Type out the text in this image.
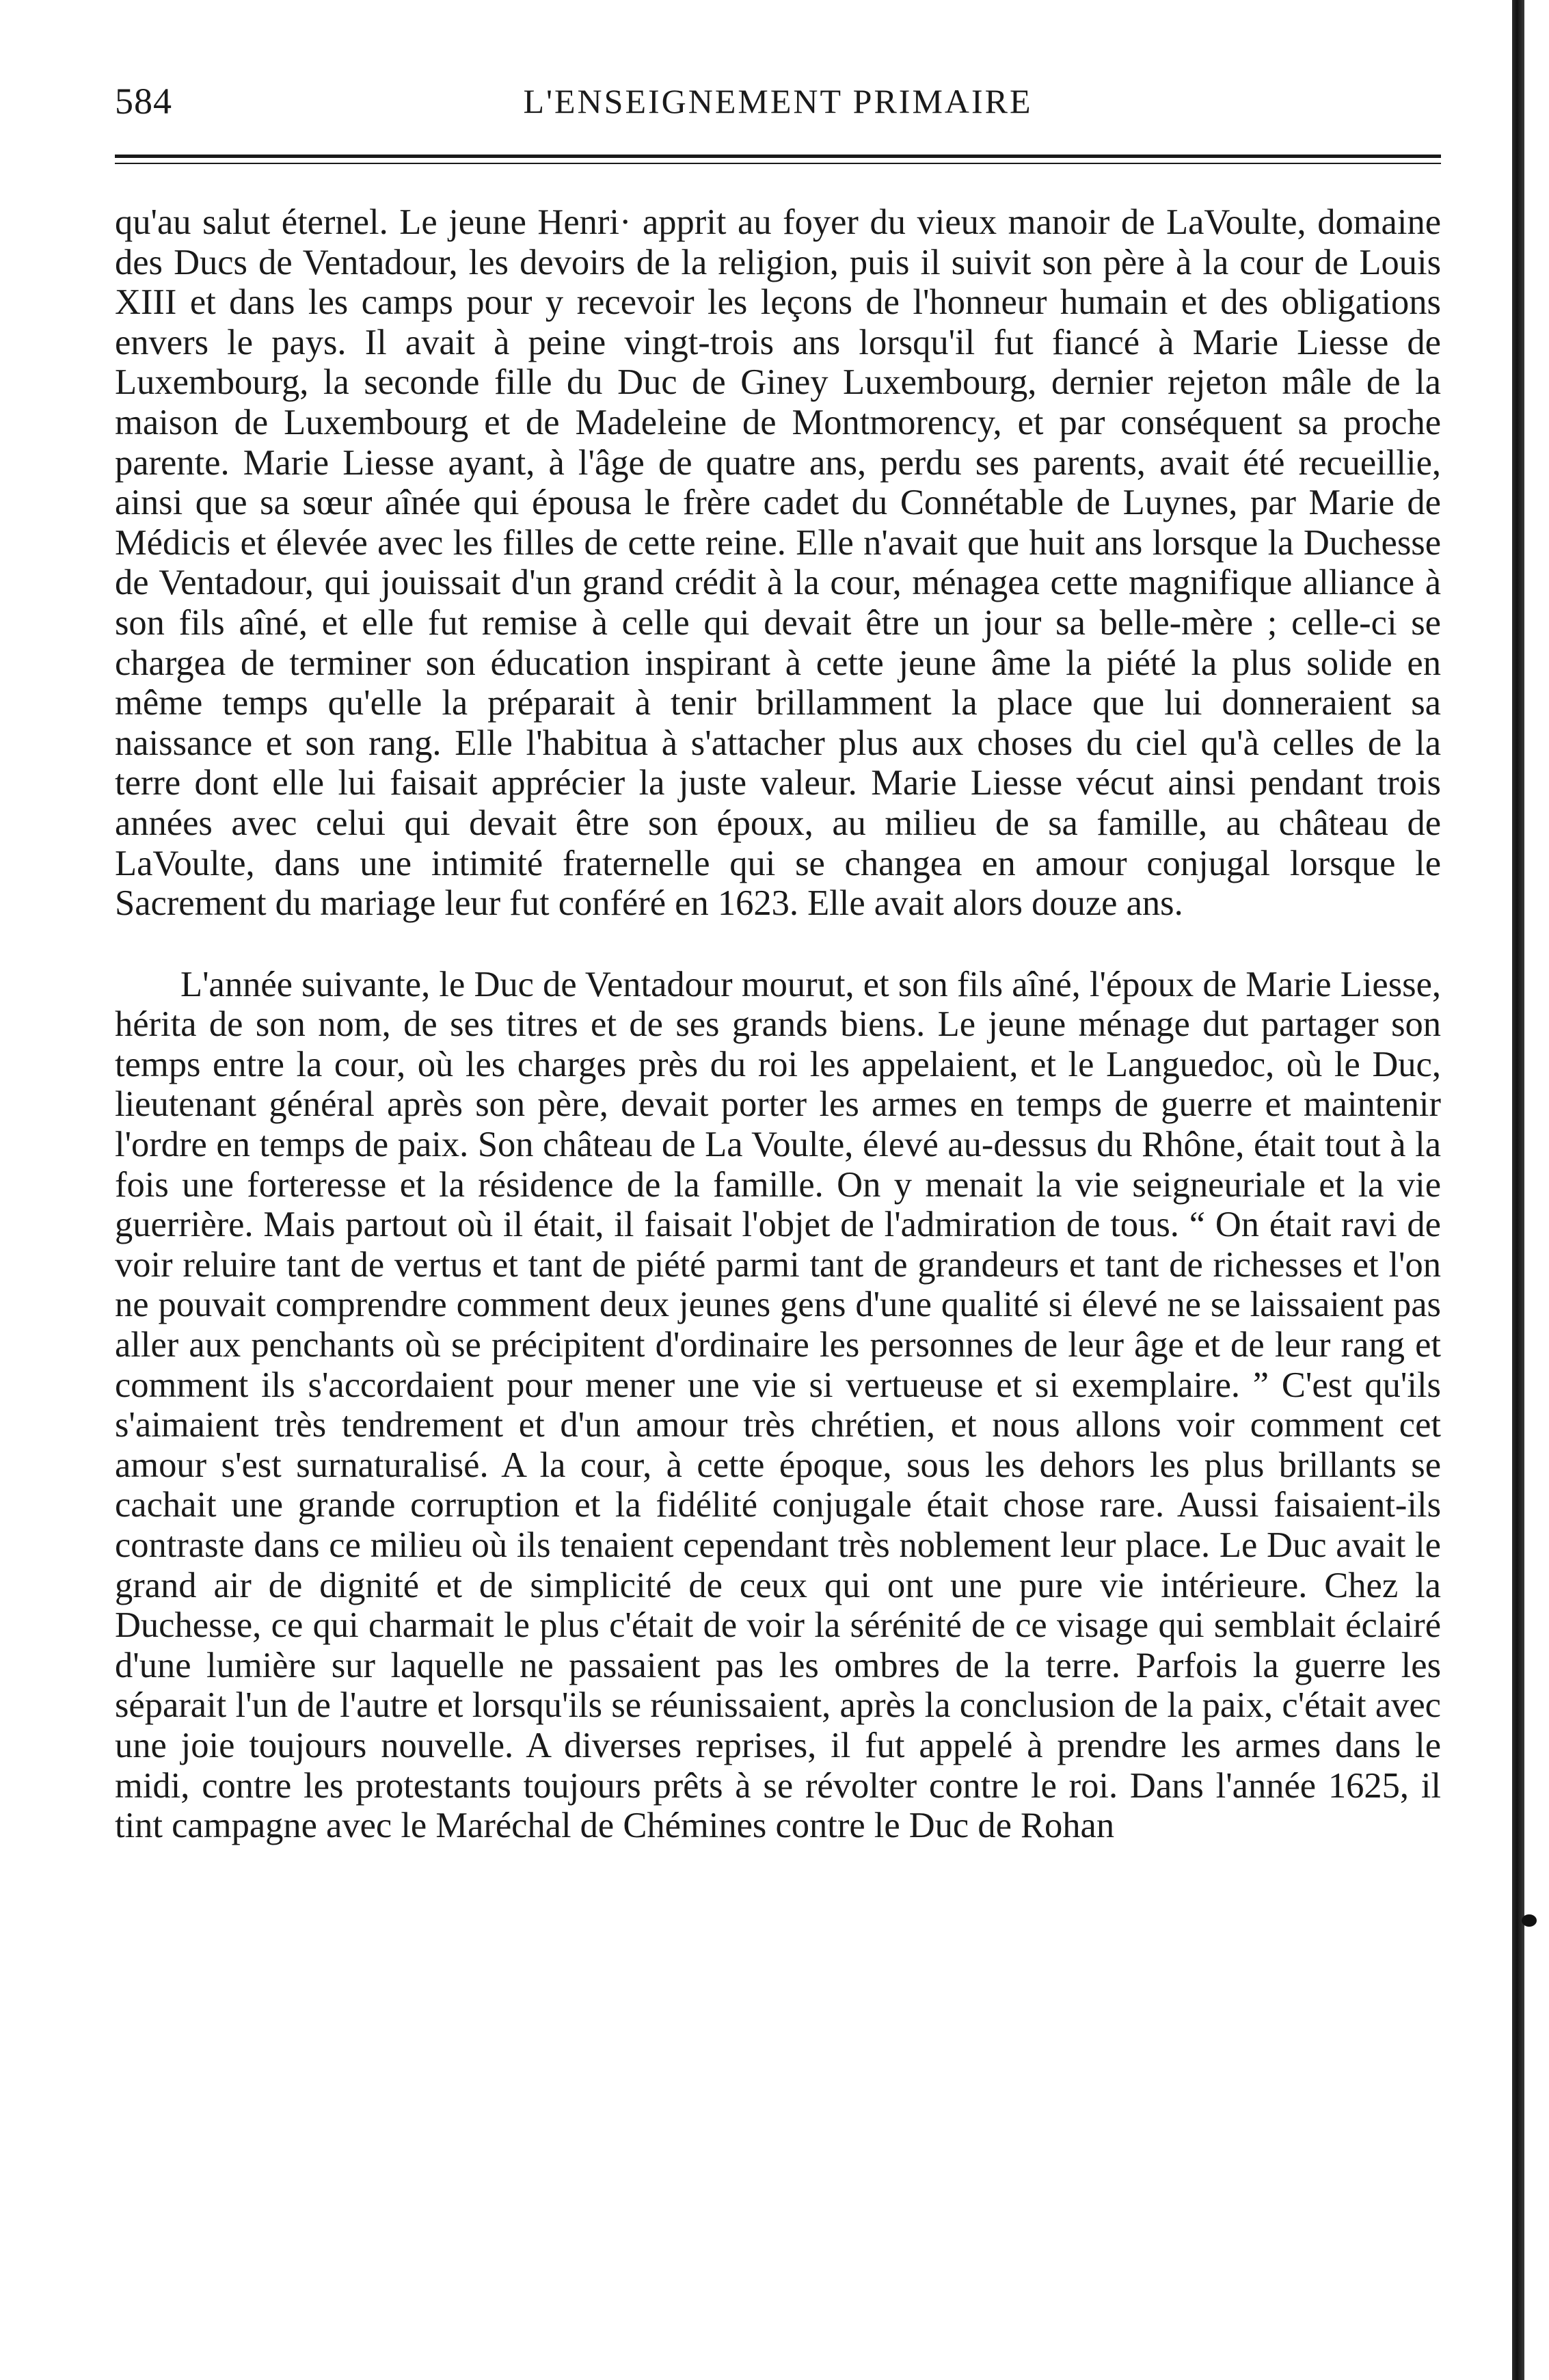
584	L'ENSEIGNEMENT PRIMAIRE

qu'au salut éternel. Le jeune Henri· apprit au foyer du vieux manoir de LaVoulte, domaine des Ducs de Ventadour, les devoirs de la religion, puis il suivit son père à la cour de Louis XIII et dans les camps pour y recevoir les leçons de l'honneur humain et des obligations envers le pays. Il avait à peine vingt-trois ans lorsqu'il fut fiancé à Marie Liesse de Luxembourg, la seconde fille du Duc de Giney Luxembourg, dernier rejeton mâle de la maison de Luxembourg et de Madeleine de Montmorency, et par conséquent sa proche parente. Marie Liesse ayant, à l'âge de quatre ans, perdu ses parents, avait été recueillie, ainsi que sa sœur aînée qui épousa le frère cadet du Connétable de Luynes, par Marie de Médicis et élevée avec les filles de cette reine. Elle n'avait que huit ans lorsque la Duchesse de Ventadour, qui jouissait d'un grand crédit à la cour, ménagea cette magnifique alliance à son fils aîné, et elle fut remise à celle qui devait être un jour sa belle-mère ; celle-ci se chargea de terminer son éducation inspirant à cette jeune âme la piété la plus solide en même temps qu'elle la préparait à tenir brillamment la place que lui donneraient sa naissance et son rang. Elle l'habitua à s'attacher plus aux choses du ciel qu'à celles de la terre dont elle lui faisait apprécier la juste valeur. Marie Liesse vécut ainsi pendant trois années avec celui qui devait être son époux, au milieu de sa famille, au château de LaVoulte, dans une intimité fraternelle qui se changea en amour conjugal lorsque le Sacrement du mariage leur fut conféré en 1623. Elle avait alors douze ans.

L'année suivante, le Duc de Ventadour mourut, et son fils aîné, l'époux de Marie Liesse, hérita de son nom, de ses titres et de ses grands biens. Le jeune ménage dut partager son temps entre la cour, où les charges près du roi les appelaient, et le Languedoc, où le Duc, lieutenant général après son père, devait porter les armes en temps de guerre et maintenir l'ordre en temps de paix. Son château de La Voulte, élevé au-dessus du Rhône, était tout à la fois une forteresse et la résidence de la famille. On y menait la vie seigneuriale et la vie guerrière. Mais partout où il était, il faisait l'objet de l'admiration de tous. “ On était ravi de voir reluire tant de vertus et tant de piété parmi tant de grandeurs et tant de richesses et l'on ne pouvait comprendre comment deux jeunes gens d'une qualité si élevé ne se laissaient pas aller aux penchants où se précipitent d'ordinaire les personnes de leur âge et de leur rang et comment ils s'accordaient pour mener une vie si vertueuse et si exemplaire. ” C'est qu'ils s'aimaient très tendrement et d'un amour très chrétien, et nous allons voir comment cet amour s'est surnaturalisé. A la cour, à cette époque, sous les dehors les plus brillants se cachait une grande corruption et la fidélité conjugale était chose rare. Aussi faisaient-ils contraste dans ce milieu où ils tenaient cependant très noblement leur place. Le Duc avait le grand air de dignité et de simplicité de ceux qui ont une pure vie intérieure. Chez la Duchesse, ce qui charmait le plus c'était de voir la sérénité de ce visage qui semblait éclairé d'une lumière sur laquelle ne passaient pas les ombres de la terre. Parfois la guerre les séparait l'un de l'autre et lorsqu'ils se réunissaient, après la conclusion de la paix, c'était avec une joie toujours nouvelle. A diverses reprises, il fut appelé à prendre les armes dans le midi, contre les protestants toujours prêts à se révolter contre le roi. Dans l'année 1625, il tint campagne avec le Maréchal de Chémines contre le Duc de Rohan
